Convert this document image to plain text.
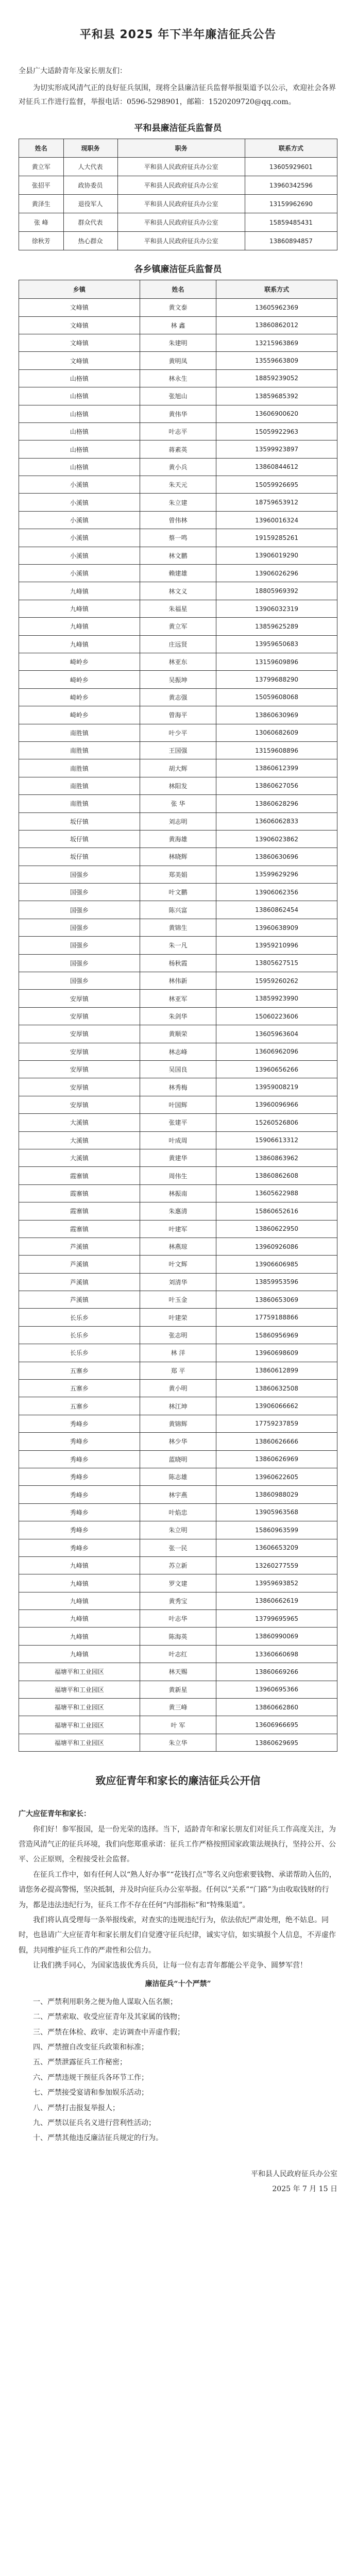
平和县 2025 年下半年廉洁征兵公告

全县广大适龄青年及家长朋友们：

为切实形成风清气正的良好征兵氛围，现将全县廉洁征兵监督举报渠道予以公示，欢迎社会各界对征兵工作进行监督，举报电话：0596-5298901，邮箱：1520209720@qq.com。

平和县廉洁征兵监督员
姓名	现职务	职务	联系方式
黄立军	人大代表	平和县人民政府征兵办公室	13605929601
张招平	政协委员	平和县人民政府征兵办公室	13960342596
黄泽生	退役军人	平和县人民政府征兵办公室	13159962690
张 峰	群众代表	平和县人民政府征兵办公室	15859485431
徐秋芳	热心群众	平和县人民政府征兵办公室	13860894857
各乡镇廉洁征兵监督员
乡镇	姓名	联系方式
文峰镇	黄文泰	13605962369
文峰镇	林 鑫	13860862012
文峰镇	朱建明	13215963869
文峰镇	黄明凤	13559663809
山格镇	林永生	18859239052
山格镇	张旭山	13859685392
山格镇	黄伟华	13606900620
山格镇	叶志平	15059922963
山格镇	蒋素英	13599923897
山格镇	黄小兵	13860844612
小溪镇	朱天元	15059926695
小溪镇	朱立建	18759653912
小溪镇	曾伟林	13960016324
小溪镇	蔡一鸣	19159285261
小溪镇	林文鹏	13906019290
小溪镇	赖建雄	13906026296
九峰镇	林文义	18805969392
九峰镇	朱福星	13906032319
九峰镇	黄立军	13859625289
九峰镇	庄远贤	13959650683
崎岭乡	林亚东	13159609896
崎岭乡	吴振坤	13799688290
崎岭乡	黄志强	15059608068
崎岭乡	曾海平	13860630969
南胜镇	叶少平	13060682609
南胜镇	王国强	13159608896
南胜镇	胡大辉	13860612399
南胜镇	林阳发	13860627056
南胜镇	张 华	13860628296
坂仔镇	刘志明	13606062833
坂仔镇	黄海雄	13906023862
坂仔镇	林晓辉	13860630696
国强乡	郑美娟	13599629296
国强乡	叶文鹏	13906062356
国强乡	陈兴富	13860862454
国强乡	黄锦生	13960638909
国强乡	朱一凡	13959210996
国强乡	杨秋霞	13805627515
国强乡	林伟新	15959260262
安厚镇	林亚军	13859923990
安厚镇	朱剑华	15060223606
安厚镇	黄顺荣	13605963604
安厚镇	林志峰	13606962096
安厚镇	吴国良	13960656266
安厚镇	林秀梅	13959008219
安厚镇	叶国辉	13960096966
大溪镇	张建平	15260526806
大溪镇	叶成周	15906613312
大溪镇	黄建华	13860863962
霞寨镇	周伟生	13860862608
霞寨镇	林振南	13605622988
霞寨镇	朱惠清	15860652616
霞寨镇	叶建军	13860622950
芦溪镇	林燕琼	13960926086
芦溪镇	叶文辉	13906606985
芦溪镇	刘清华	13859953596
芦溪镇	叶玉金	13860653069
长乐乡	叶建荣	17759188866
长乐乡	张志明	15860956969
长乐乡	林 洋	13960698609
五寨乡	郑 平	13860612899
五寨乡	黄小明	13860632508
五寨乡	林江坤	13906066662
秀峰乡	黄锦辉	17759237859
秀峰乡	林少华	13860626666
秀峰乡	蓝晓明	13860626969
秀峰乡	陈志雄	13960622605
秀峰乡	林宇燕	13860988029
秀峰乡	叶焰忠	13905963568
秀峰乡	朱立明	15860963599
秀峰乡	张一民	13606653209
九峰镇	苏立新	13260277559
九峰镇	罗文建	13959693852
九峰镇	黄秀宝	13860662619
九峰镇	叶志华	13799695965
九峰镇	陈海英	13860990069
九峰镇	叶志红	13360660698
福塘平和工业园区	林天赐	13860669266
福塘平和工业园区	黄新星	13960695366
福塘平和工业园区	黄三峰	13860662860
福塘平和工业园区	叶 军	13606966695
福塘平和工业园区	朱立华	13860629695
致应征青年和家长的廉洁征兵公开信

广大应征青年和家长：

你们好！参军报国，是一份光荣的选择。当下，适龄青年和家长朋友们对征兵工作高度关注，为营造风清气正的征兵环境，我们向您郑重承诺：征兵工作严格按照国家政策法规执行，坚持公开、公平、公正原则，全程接受社会监督。

在征兵工作中，如有任何人以“熟人好办事”“花钱打点”等名义向您索要钱物、承诺帮助入伍的，请您务必提高警惕，坚决抵制，并及时向征兵办公室举报。任何以“关系”“门路”为由收取钱财的行为，都是违法违纪行为，征兵工作不存在任何“内部指标”和“特殊渠道”。

我们将认真受理每一条举报线索，对查实的违规违纪行为，依法依纪严肃处理，绝不姑息。同时，也恳请广大应征青年和家长朋友们自觉遵守征兵纪律，诚实守信，如实填报个人信息，不弄虚作假，共同维护征兵工作的严肃性和公信力。

让我们携手同心，为国家选拔优秀兵员，让每一位有志青年都能公平竞争、圆梦军营！

廉洁征兵“十个严禁”

一、严禁利用职务之便为他人谋取入伍名额；

二、严禁索取、收受应征青年及其家属的钱物；

三、严禁在体检、政审、走访调查中弄虚作假；

四、严禁擅自改变征兵政策和标准；

五、严禁泄露征兵工作秘密；

六、严禁违规干预征兵各环节工作；

七、严禁接受宴请和参加娱乐活动；

八、严禁打击报复举报人；

九、严禁以征兵名义进行营利性活动；

十、严禁其他违反廉洁征兵规定的行为。

平和县人民政府征兵办公室
2025 年 7 月 15 日
